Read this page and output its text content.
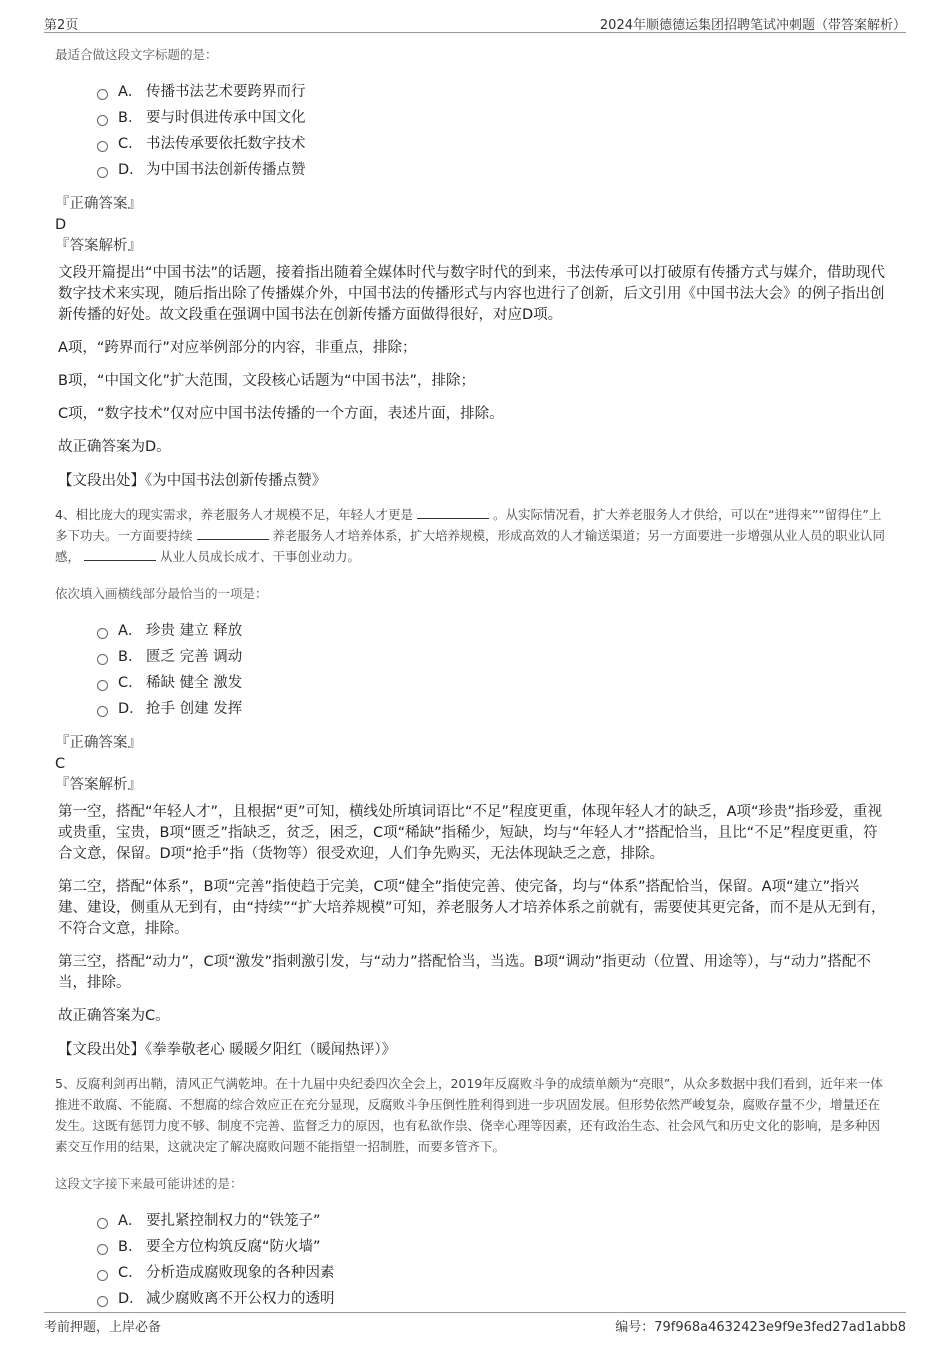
第2页	2024年顺德德运集团招聘笔试冲刺题（带答案解析）
最适合做这段文字标题的是：
A． 传播书法艺术要跨界而行
B． 要与时俱进传承中国文化
C． 书法传承要依托数字技术
D． 为中国书法创新传播点赞
『正确答案』
D
『答案解析』

文段开篇提出“中国书法”的话题，接着指出随着全媒体时代与数字时代的到来，书法传承可以打破原有传播方式与媒介，借助现代数字技术来实现，随后指出除了传播媒介外，中国书法的传播形式与内容也进行了创新，后文引用《中国书法大会》的例子指出创新传播的好处。故文段重在强调中国书法在创新传播方面做得很好，对应D项。

A项，“跨界而行”对应举例部分的内容，非重点，排除；

B项，“中国文化”扩大范围，文段核心话题为“中国书法”，排除；

C项，“数字技术”仅对应中国书法传播的一个方面，表述片面，排除。

故正确答案为D。

【文段出处】《为中国书法创新传播点赞》
4、相比庞大的现实需求，养老服务人才规模不足，年轻人才更是	。从实际情况看，扩大养老服务人才供给，可以在“进得来”“留得住”上多下功夫。一方面要持续	养老服务人才培养体系，扩大培养规模，形成高效的人才输送渠道；另一方面要进一步增强从业人员的职业认同感，	从业人员成长成才、干事创业动力。
依次填入画横线部分最恰当的一项是：
A． 珍贵 建立 释放
B． 匮乏 完善 调动
C． 稀缺 健全 激发
D． 抢手 创建 发挥
『正确答案』
C
『答案解析』

第一空，搭配“年轻人才”，且根据“更”可知，横线处所填词语比“不足”程度更重，体现年轻人才的缺乏，A项“珍贵”指珍爱，重视或贵重，宝贵，B项“匮乏”指缺乏，贫乏，困乏，C项“稀缺”指稀少，短缺，均与“年轻人才”搭配恰当，且比“不足”程度更重，符合文意，保留。D项“抢手”指（货物等）很受欢迎，人们争先购买，无法体现缺乏之意，排除。

第二空，搭配“体系”，B项“完善”指使趋于完美，C项“健全”指使完善、使完备，均与“体系”搭配恰当，保留。A项“建立”指兴建、建设，侧重从无到有，由“持续”“扩大培养规模”可知，养老服务人才培养体系之前就有，需要使其更完备，而不是从无到有，不符合文意，排除。

第三空，搭配“动力”，C项“激发”指刺激引发，与“动力”搭配恰当，当选。B项“调动”指更动（位置、用途等），与“动力”搭配不当，排除。

故正确答案为C。

【文段出处】《拳拳敬老心 暖暖夕阳红（暖闻热评）》
5、反腐利剑再出鞘，清风正气满乾坤。在十九届中央纪委四次全会上，2019年反腐败斗争的成绩单颇为“亮眼”，从众多数据中我们看到，近年来一体推进不敢腐、不能腐、不想腐的综合效应正在充分显现，反腐败斗争压倒性胜利得到进一步巩固发展。但形势依然严峻复杂，腐败存量不少，增量还在发生。这既有惩罚力度不够、制度不完善、监督乏力的原因，也有私欲作祟、侥幸心理等因素，还有政治生态、社会风气和历史文化的影响，是多种因素交互作用的结果，这就决定了解决腐败问题不能指望一招制胜，而要多管齐下。
这段文字接下来最可能讲述的是：
A． 要扎紧控制权力的“铁笼子”
B． 要全方位构筑反腐“防火墙”
C． 分析造成腐败现象的各种因素
D． 减少腐败离不开公权力的透明
考前押题，上岸必备	编号：79f968a4632423e9f9e3fed27ad1abb8
